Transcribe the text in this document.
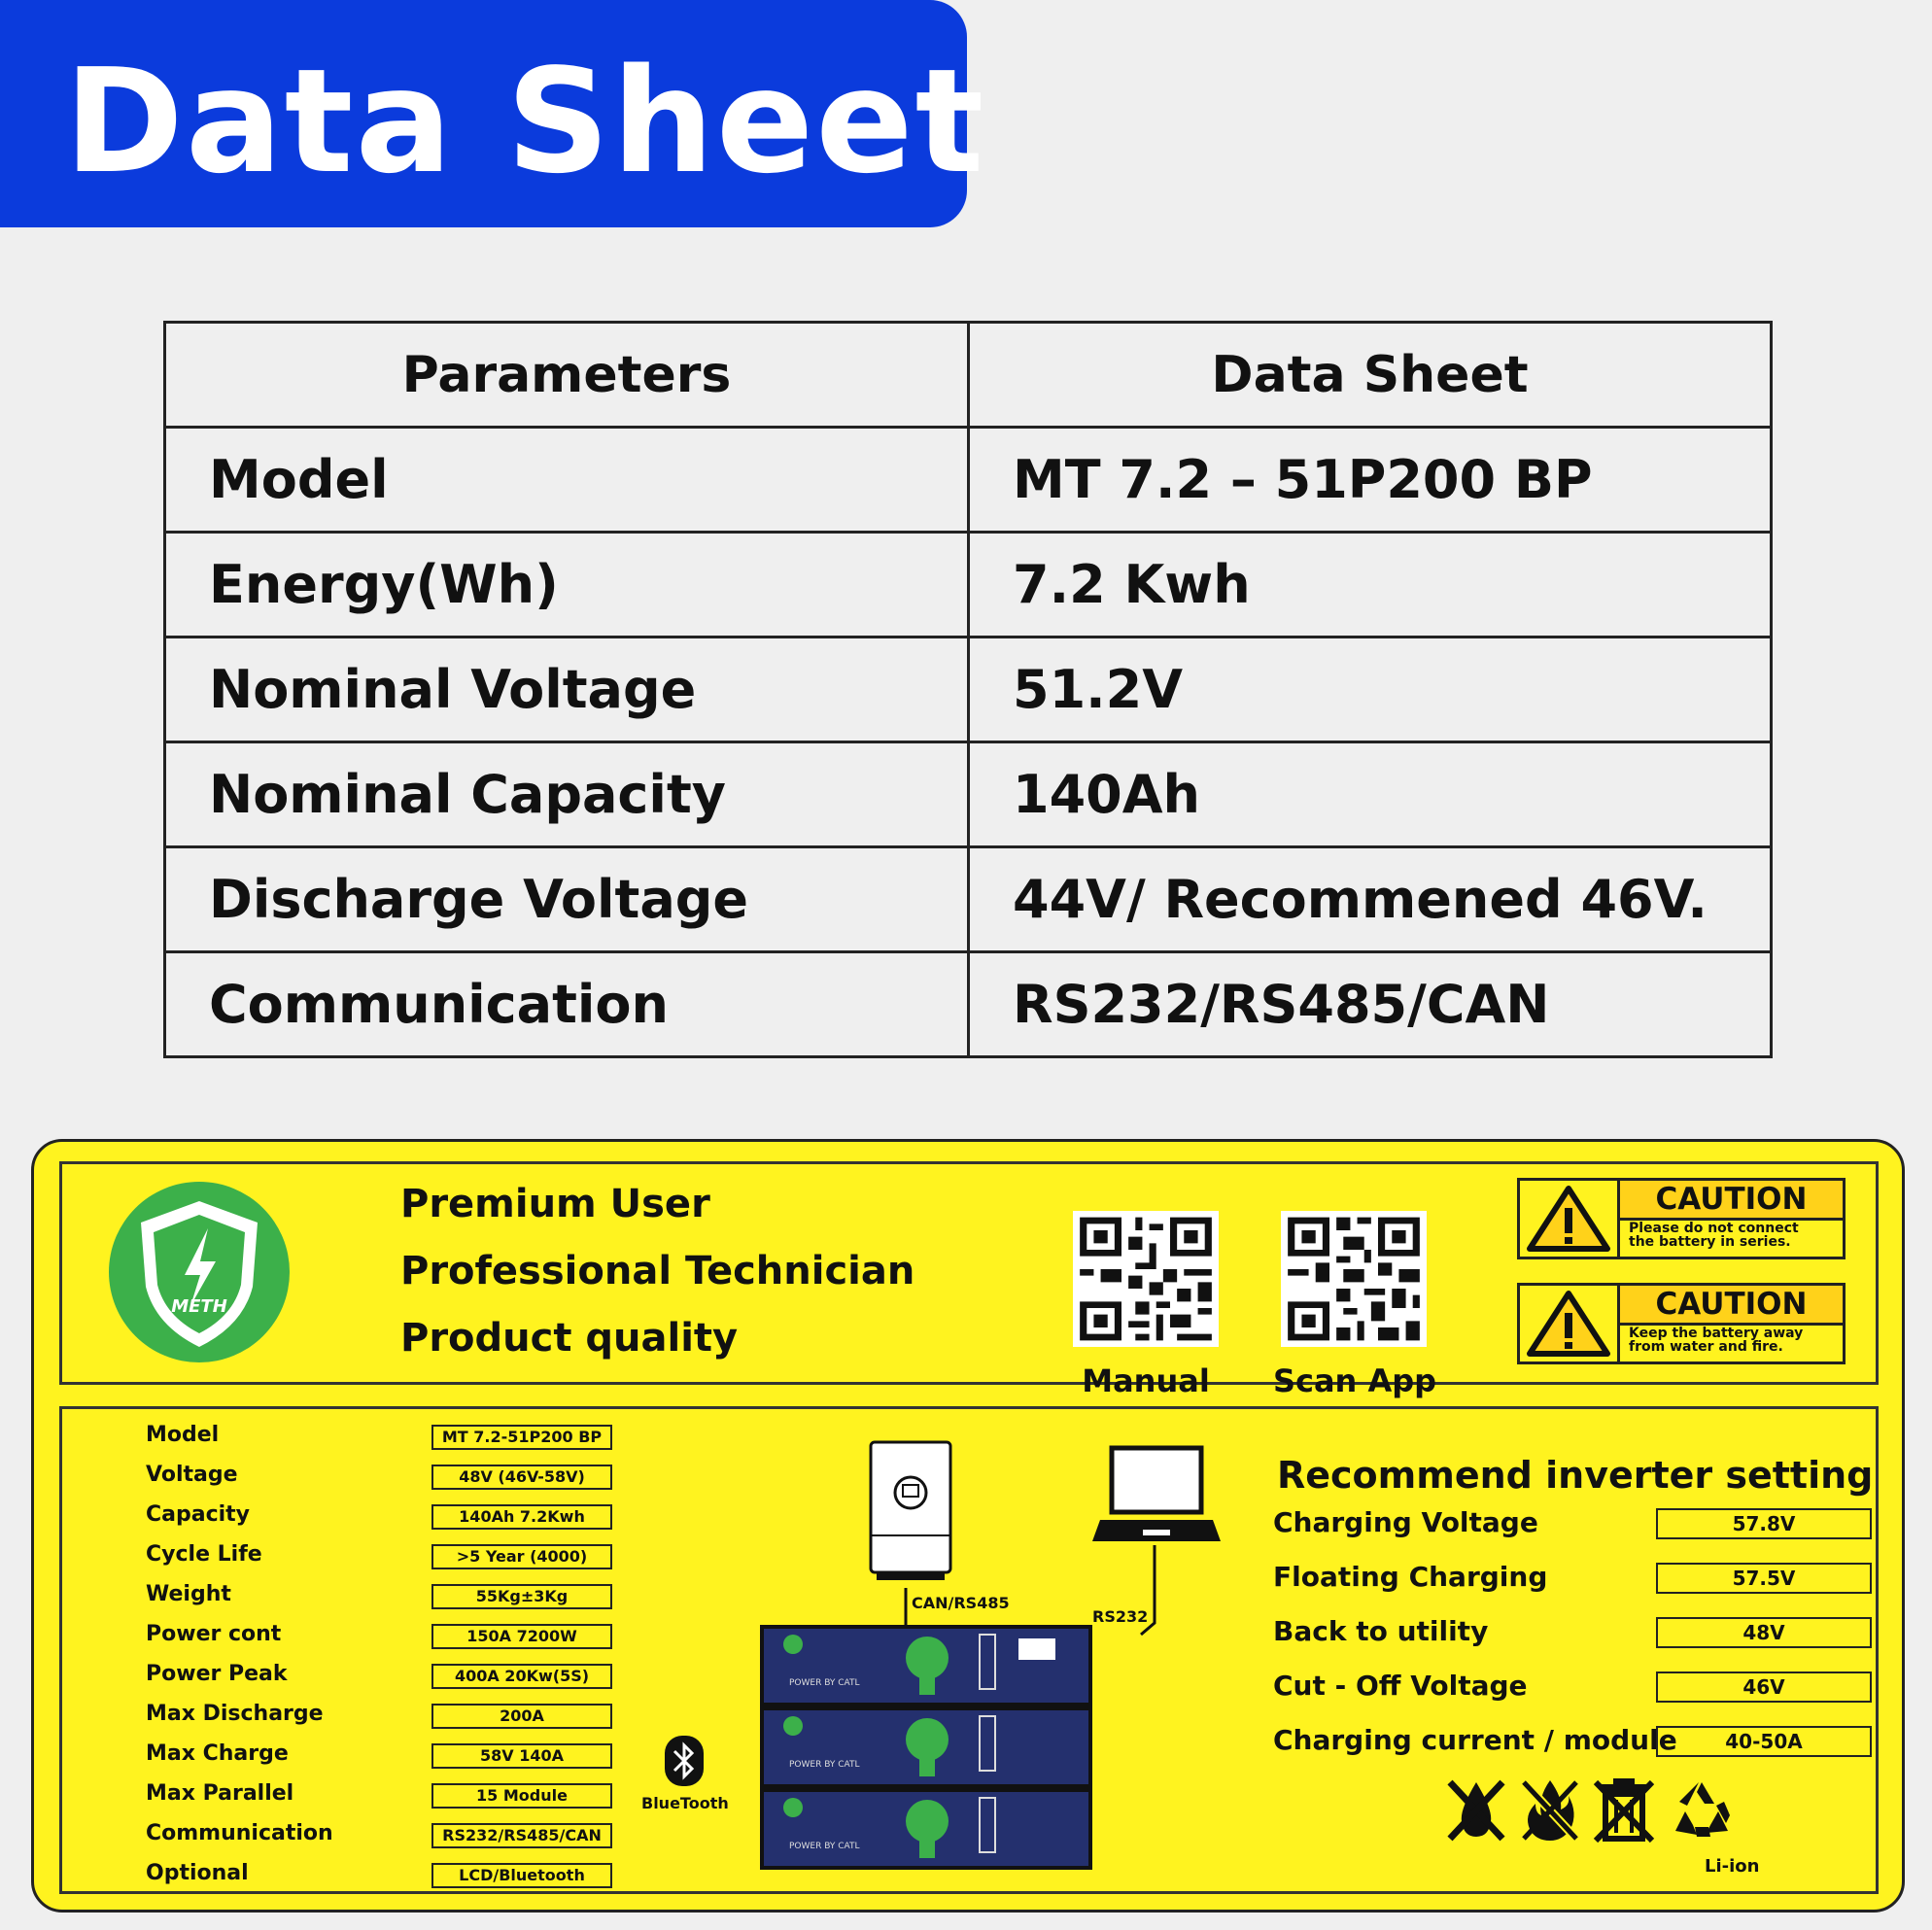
Data Sheet
Parameters	Data Sheet
Model	MT 7.2 – 51P200 BP
Energy(Wh)	7.2 Kwh
Nominal Voltage	51.2V
Nominal Capacity	140Ah
Discharge Voltage	44V/ Recommened 46V.
Communication	RS232/RS485/CAN
METH
Premium User
Professional Technician
Product quality
Manual	Scan App
CAUTION
Please do not connect
the battery in series.
CAUTION
Keep the battery away
from water and fire.
Model	MT 7.2-51P200 BP
Voltage	48V (46V-58V)
Capacity	140Ah 7.2Kwh
Cycle Life	>5 Year (4000)
Weight	55Kg±3Kg
Power cont	150A 7200W
Power Peak	400A 20Kw(5S)
Max Discharge	200A
Max Charge	58V 140A
Max Parallel	15 Module
Communication	RS232/RS485/CAN
Optional	LCD/Bluetooth
CAN/RS485
RS232
POWER BY CATL
POWER BY CATL
POWER BY CATL
BlueTooth
Recommend inverter setting
Charging Voltage	57.8V
Floating Charging	57.5V
Back to utility	48V
Cut - Off Voltage	46V
Charging current / module	40-50A
Li-ion
